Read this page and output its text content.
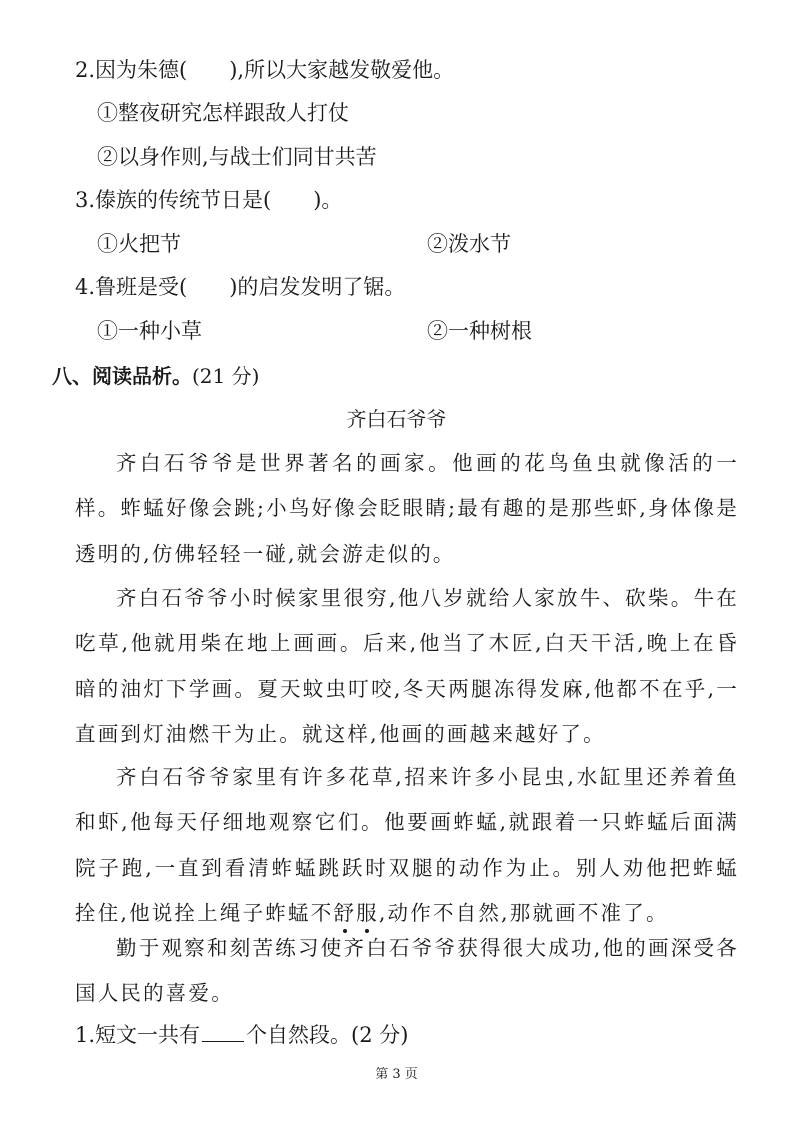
2.因为朱德(　　),所以大家越发敬爱他。
①整夜研究怎样跟敌人打仗
②以身作则,与战士们同甘共苦
3.傣族的传统节日是(　　)。
①火把节	②泼水节
4.鲁班是受(　　)的启发发明了锯。
①一种小草	②一种树根
八、阅读品析。(21 分)
齐白石爷爷

齐白石爷爷是世界著名的画家。他画的花鸟鱼虫就像活的一样。蚱蜢好像会跳;小鸟好像会眨眼睛;最有趣的是那些虾,身体像是透明的,仿佛轻轻一碰,就会游走似的。

齐白石爷爷小时候家里很穷,他八岁就给人家放牛、砍柴。牛在吃草,他就用柴在地上画画。后来,他当了木匠,白天干活,晚上在昏暗的油灯下学画。夏天蚊虫叮咬,冬天两腿冻得发麻,他都不在乎,一直画到灯油燃干为止。就这样,他画的画越来越好了。

齐白石爷爷家里有许多花草,招来许多小昆虫,水缸里还养着鱼和虾,他每天仔细地观察它们。他要画蚱蜢,就跟着一只蚱蜢后面满院子跑,一直到看清蚱蜢跳跃时双腿的动作为止。别人劝他把蚱蜢拴住,他说拴上绳子蚱蜢不舒服,动作不自然,那就画不准了。

勤于观察和刻苦练习使齐白石爷爷获得很大成功,他的画深受各国人民的喜爱。

1.短文一共有 个自然段。(2 分)
第 3 页
